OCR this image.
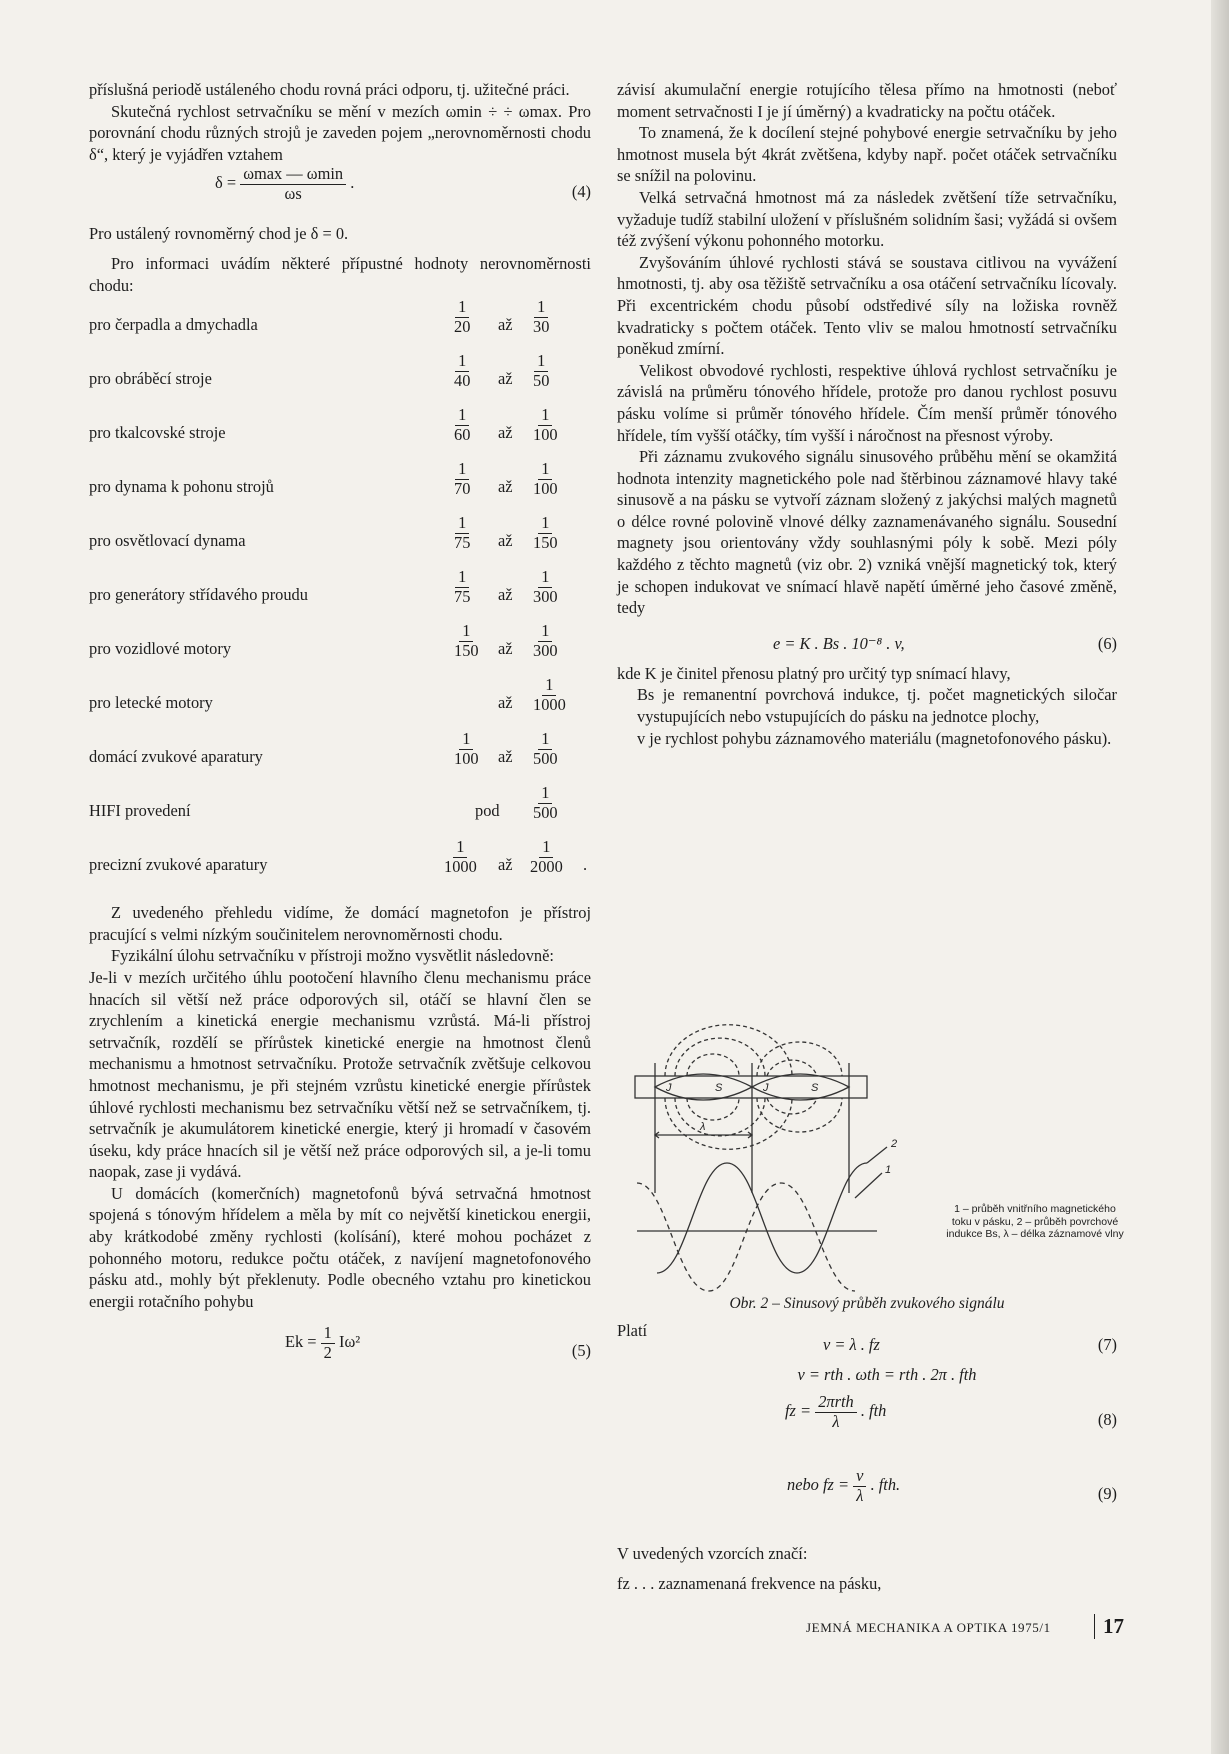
příslušná periodě ustáleného chodu rovná práci odporu, tj. užitečné práci.

Skutečná rychlost setrvačníku se mění v mezích ωmin ÷ ÷ ωmax. Pro porovnání chodu různých strojů je zaveden pojem „nerovnoměrnosti chodu δ“, který je vyjádřen vztahem

$\delta = \frac{\omega\max — \omega\min}{\omega s}$ .	(4)

Pro ustálený rovnoměrný chod je δ = 0.

Pro informaci uvádím některé přípustné hodnoty nerovnoměrnosti chodu:

pro čerpadla a dmychadla	$\frac{1}{20}$ až $\frac{1}{30}$
pro obráběcí stroje	$\frac{1}{40}$ až $\frac{1}{50}$
pro tkalcovské stroje	$\frac{1}{60}$ až $\frac{1}{100}$
pro dynama k pohonu strojů	$\frac{1}{70}$ až $\frac{1}{100}$
pro osvětlovací dynama	$\frac{1}{75}$ až $\frac{1}{150}$
pro generátory střídavého proudu	$\frac{1}{75}$ až $\frac{1}{300}$
pro vozidlové motory	$\frac{1}{150}$ až $\frac{1}{300}$
pro letecké motory	až $\frac{1}{1000}$
domácí zvukové aparatury	$\frac{1}{100}$ až $\frac{1}{500}$
HIFI provedení	pod $\frac{1}{500}$
precizní zvukové aparatury	$\frac{1}{1000}$ až $\frac{1}{2000}$ .

Z uvedeného přehledu vidíme, že domácí magnetofon je přístroj pracující s velmi nízkým součinitelem nerovnoměrnosti chodu.

Fyzikální úlohu setrvačníku v přístroji možno vysvětlit následovně:

Je-li v mezích určitého úhlu pootočení hlavního členu mechanismu práce hnacích sil větší než práce odporových sil, otáčí se hlavní člen se zrychlením a kinetická energie mechanismu vzrůstá. Má-li přístroj setrvačník, rozdělí se přírůstek kinetické energie na hmotnost členů mechanismu a hmotnost setrvačníku. Protože setrvačník zvětšuje celkovou hmotnost mechanismu, je při stejném vzrůstu kinetické energie přírůstek úhlové rychlosti mechanismu bez setrvačníku větší než se setrvačníkem, tj. setrvačník je akumulátorem kinetické energie, který ji hromadí v časovém úseku, kdy práce hnacích sil je větší než práce odporových sil, a je-li tomu naopak, zase ji vydává.

U domácích (komerčních) magnetofonů bývá setrvačná hmotnost spojená s tónovým hřídelem a měla by mít co největší kinetickou energii, aby krátkodobé změny rychlosti (kolísání), které mohou pocházet z pohonného motoru, redukce počtu otáček, z navíjení magnetofonového pásku atd., mohly být překlenuty. Podle obecného vztahu pro kinetickou energii rotačního pohybu

$Ek = \frac{1}{2} I\omega^2$	(5)

závisí akumulační energie rotujícího tělesa přímo na hmotnosti (neboť moment setrvačnosti I je jí úměrný) a kvadraticky na počtu otáček.

To znamená, že k docílení stejné pohybové energie setrvačníku by jeho hmotnost musela být 4krát zvětšena, kdyby např. počet otáček setrvačníku se snížil na polovinu.

Velká setrvačná hmotnost má za následek zvětšení tíže setrvačníku, vyžaduje tudíž stabilní uložení v příslušném solidním šasi; vyžádá si ovšem též zvýšení výkonu pohonného motorku.

Zvyšováním úhlové rychlosti stává se soustava citlivou na vyvážení hmotnosti, tj. aby osa těžiště setrvačníku a osa otáčení setrvačníku lícovaly. Při excentrickém chodu působí odstředivé síly na ložiska rovněž kvadraticky s počtem otáček. Tento vliv se malou hmotností setrvačníku poněkud zmírní.

Velikost obvodové rychlosti, respektive úhlová rychlost setrvačníku je závislá na průměru tónového hřídele, protože pro danou rychlost posuvu pásku volíme si průměr tónového hřídele. Čím menší průměr tónového hřídele, tím vyšší otáčky, tím vyšší i náročnost na přesnost výroby.

Při záznamu zvukového signálu sinusového průběhu mění se okamžitá hodnota intenzity magnetického pole nad štěrbinou záznamové hlavy také sinusově a na pásku se vytvoří záznam složený z jakýchsi malých magnetů o délce rovné polovině vlnové délky zaznamenávaného signálu. Sousední magnety jsou orientovány vždy souhlasnými póly k sobě. Mezi póly každého z těchto magnetů (viz obr. 2) vzniká vnější magnetický tok, který je schopen indukovat ve snímací hlavě napětí úměrné jeho časové změně, tedy

e = K . Bs . 10⁻⁸ . v,	(6)

kde K je činitel přenosu platný pro určitý typ snímací hlavy,

Bs je remanentní povrchová indukce, tj. počet magnetických siločar vystupujících nebo vstupujících do pásku na jednotce plochy,

v je rychlost pohybu záznamového materiálu (magnetofonového pásku).

J	S	J	S
λ
2
1
1 – průběh vnitřního magnetického toku v pásku, 2 – průběh povrchové indukce Bs, λ – délka záznamové vlny
Obr. 2 – Sinusový průběh zvukového signálu

Platí

v = λ . fz	(7)
v = rth . ωth = rth . 2π . fth
fz = $\frac{\text{2πrth}}{\lambda}$ . fth	(8)
nebo fz = $\frac{v}{\lambda}$ . fth.	(9)

V uvedených vzorcích značí:

fz . . . zaznamenaná frekvence na pásku,

JEMNÁ MECHANIKA A OPTIKA 1975/1	17
